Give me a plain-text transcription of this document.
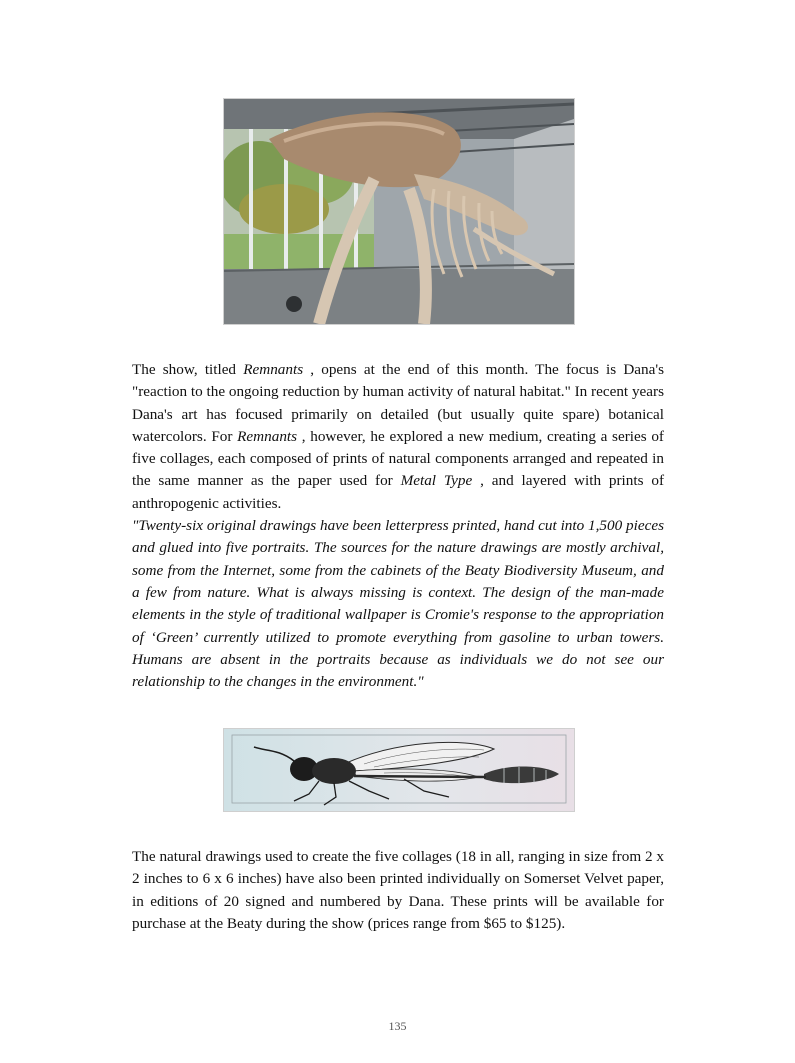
The show, titled Remnants , opens at the end of this month. The focus is Dana's "reaction to the ongoing reduction by human activity of natural habitat." In recent years Dana's art has focused primarily on detailed (but usually quite spare) botanical watercolors. For Remnants , however, he explored a new medium, creating a series of five collages, each composed of prints of natural components arranged and repeated in the same manner as the paper used for Metal Type , and layered with prints of anthropogenic activities.

"Twenty-six original drawings have been letterpress printed, hand cut into 1,500 pieces and glued into five portraits. The sources for the nature drawings are mostly archival, some from the Internet, some from the cabinets of the Beaty Biodiversity Museum, and a few from nature. What is always missing is context. The design of the man-made elements in the style of traditional wallpaper is Cromie's response to the appropriation of ‘Green’ currently utilized to promote everything from gasoline to urban towers. Humans are absent in the portraits because as individuals we do not see our relationship to the changes in the environment."

The natural drawings used to create the five collages (18 in all, ranging in size from 2 x 2 inches to 6 x 6 inches) have also been printed individually on Somerset Velvet paper, in editions of 20 signed and numbered by Dana. These prints will be available for purchase at the Beaty during the show (prices range from $65 to $125).

135
